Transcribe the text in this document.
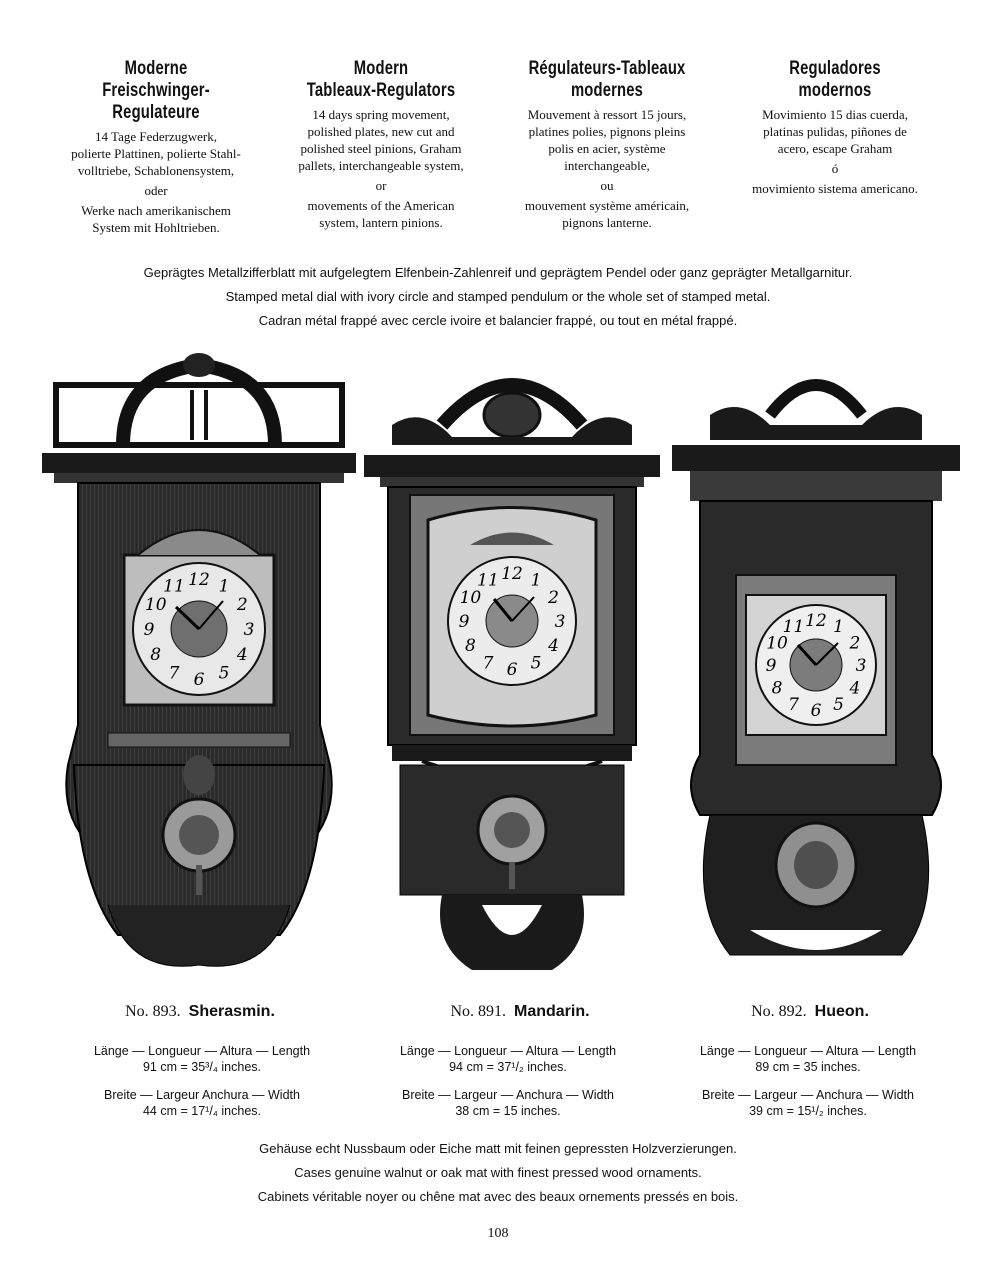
Moderne
Freischwinger-Regulateure

14 Tage Federzugwerk,

polierte Plattinen, polierte Stahl-

volltriebe, Schablonensystem,

oder

Werke nach amerikanischem

System mit Hohltrieben.

Modern
Tableaux-Regulators

14 days spring movement,

polished plates, new cut and

polished steel pinions, Graham

pallets, interchangeable system,

or

movements of the American

system, lantern pinions.

Régulateurs-Tableaux
modernes

Mouvement à ressort 15 jours,

platines polies, pignons pleins

polis en acier, système

interchangeable,

ou

mouvement système américain,

pignons lanterne.

Reguladores
modernos

Movimiento 15 dias cuerda,

platinas pulidas, piñones de

acero, escape Graham

ó

movimiento sistema americano.

Geprägtes Metallzifferblatt mit aufgelegtem Elfenbein-Zahlenreif und geprägtem Pendel oder ganz geprägter Metallgarnitur.
Stamped metal dial with ivory circle and stamped pendulum or the whole set of stamped metal.
Cadran métal frappé avec cercle ivoire et balancier frappé, ou tout en métal frappé.
12 1
2
3
4
5
6
7
8
9
10
11
12 1
2
3
4
5
6
7
8
9
10
11
12 1
2
3
4
5
6
7
8
9
10
11
No. 893. Sherasmin.	No. 891. Mandarin.	No. 892. Hueon.
Länge — Longueur — Altura — Length
91 cm = 35³/₄ inches.
Breite — Largeur Anchura — Width
44 cm = 17¹/₄ inches.
Länge — Longueur — Altura — Length
94 cm = 37¹/₂ inches.
Breite — Largeur — Anchura — Width
38 cm = 15 inches.
Länge — Longueur — Altura — Length
89 cm = 35 inches.
Breite — Largeur — Anchura — Width
39 cm = 15¹/₂ inches.
Gehäuse echt Nussbaum oder Eiche matt mit feinen gepressten Holzverzierungen.
Cases genuine walnut or oak mat with finest pressed wood ornaments.
Cabinets véritable noyer ou chêne mat avec des beaux ornements pressés en bois.
108
